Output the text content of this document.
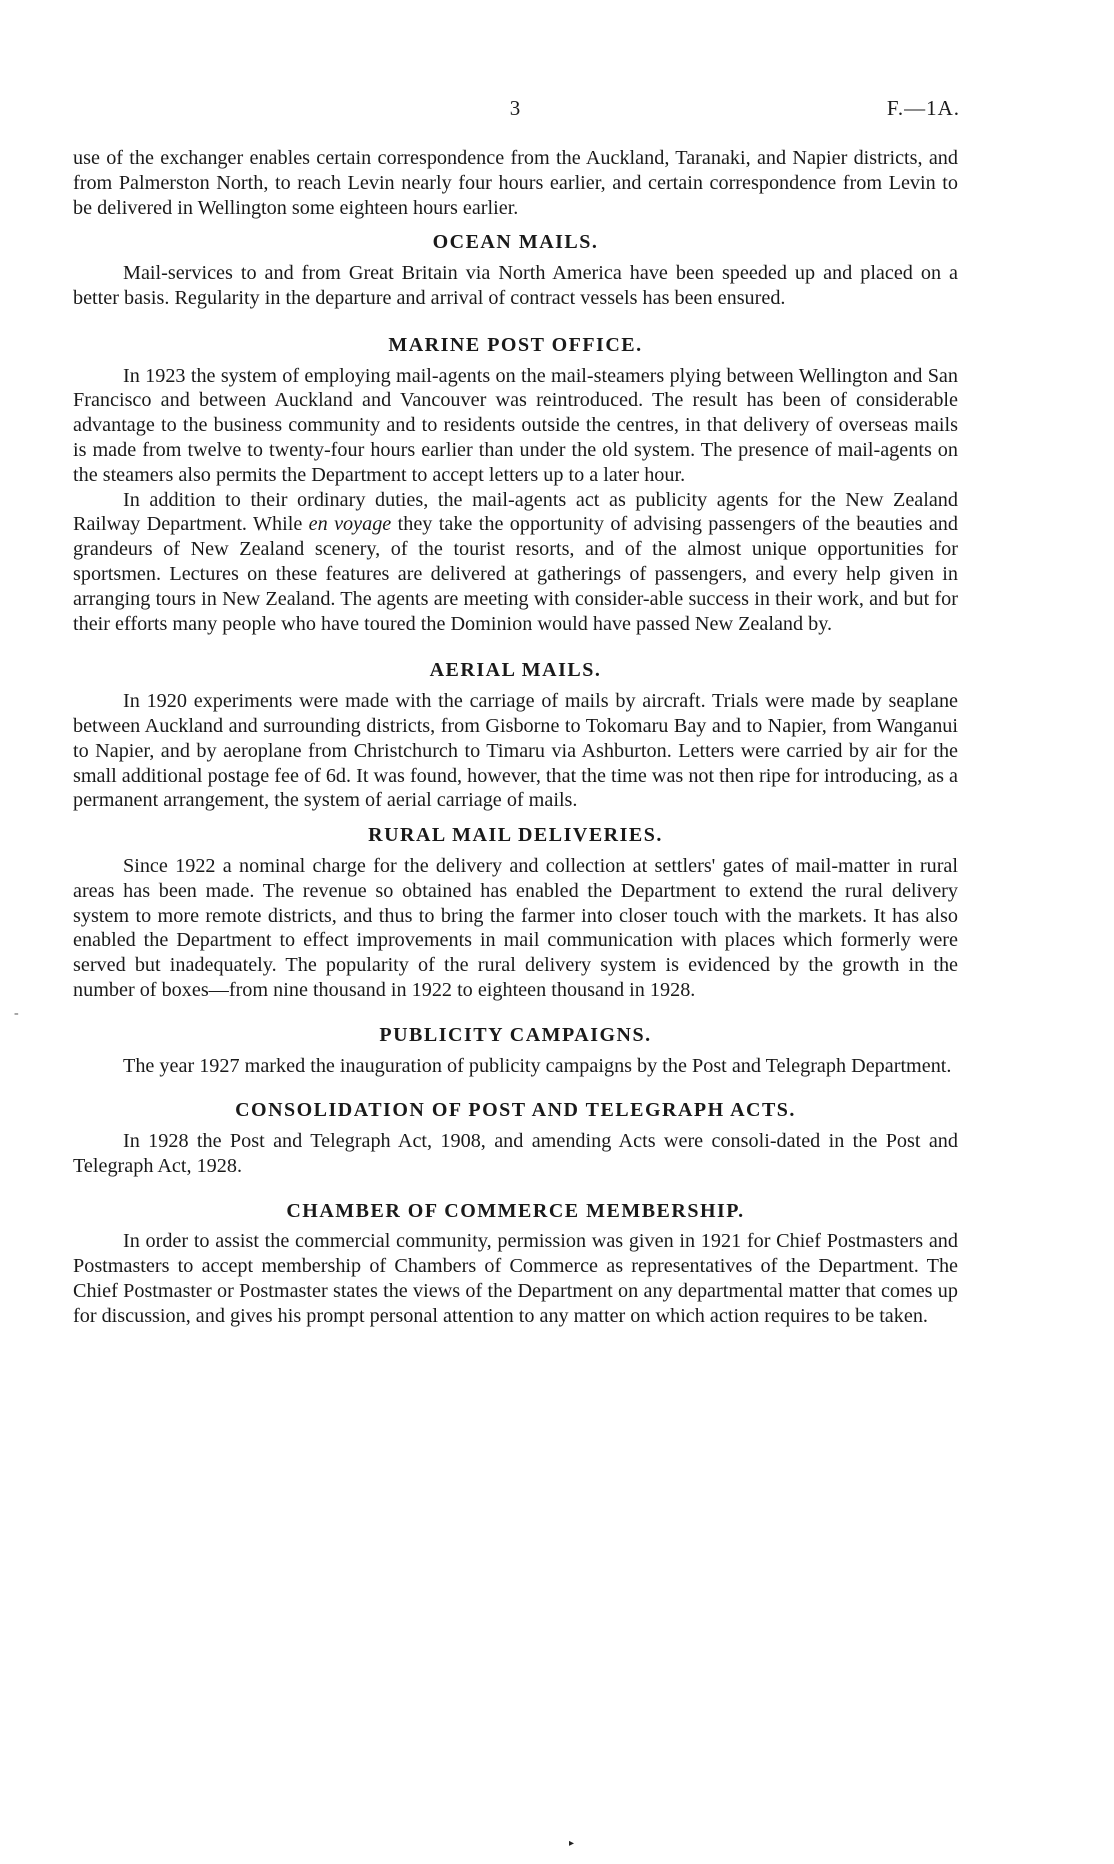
3	F.—1A.

use of the exchanger enables certain correspondence from the Auckland, Taranaki, and Napier districts, and from Palmerston North, to reach Levin nearly four hours earlier, and certain correspondence from Levin to be delivered in Wellington some eighteen hours earlier.

OCEAN MAILS.

Mail-services to and from Great Britain via North America have been speeded up and placed on a better basis. Regularity in the departure and arrival of contract vessels has been ensured.

MARINE POST OFFICE.

In 1923 the system of employing mail-agents on the mail-steamers plying between Wellington and San Francisco and between Auckland and Vancouver was reintroduced. The result has been of considerable advantage to the business community and to residents outside the centres, in that delivery of overseas mails is made from twelve to twenty-four hours earlier than under the old system. The presence of mail-agents on the steamers also permits the Department to accept letters up to a later hour.

In addition to their ordinary duties, the mail-agents act as publicity agents for the New Zealand Railway Department. While en voyage they take the opportunity of advising passengers of the beauties and grandeurs of New Zealand scenery, of the tourist resorts, and of the almost unique opportunities for sportsmen. Lectures on these features are delivered at gatherings of passengers, and every help given in arranging tours in New Zealand. The agents are meeting with consider-able success in their work, and but for their efforts many people who have toured the Dominion would have passed New Zealand by.

AERIAL MAILS.

In 1920 experiments were made with the carriage of mails by aircraft. Trials were made by seaplane between Auckland and surrounding districts, from Gisborne to Tokomaru Bay and to Napier, from Wanganui to Napier, and by aeroplane from Christchurch to Timaru via Ashburton. Letters were carried by air for the small additional postage fee of 6d. It was found, however, that the time was not then ripe for introducing, as a permanent arrangement, the system of aerial carriage of mails.

RURAL MAIL DELIVERIES.

Since 1922 a nominal charge for the delivery and collection at settlers' gates of mail-matter in rural areas has been made. The revenue so obtained has enabled the Department to extend the rural delivery system to more remote districts, and thus to bring the farmer into closer touch with the markets. It has also enabled the Department to effect improvements in mail communication with places which formerly were served but inadequately. The popularity of the rural delivery system is evidenced by the growth in the number of boxes—from nine thousand in 1922 to eighteen thousand in 1928.

PUBLICITY CAMPAIGNS.

The year 1927 marked the inauguration of publicity campaigns by the Post and Telegraph Department.

CONSOLIDATION OF POST AND TELEGRAPH ACTS.

In 1928 the Post and Telegraph Act, 1908, and amending Acts were consoli-dated in the Post and Telegraph Act, 1928.

CHAMBER OF COMMERCE MEMBERSHIP.

In order to assist the commercial community, permission was given in 1921 for Chief Postmasters and Postmasters to accept membership of Chambers of Commerce as representatives of the Department. The Chief Postmaster or Postmaster states the views of the Department on any departmental matter that comes up for discussion, and gives his prompt personal attention to any matter on which action requires to be taken.

-
▸
